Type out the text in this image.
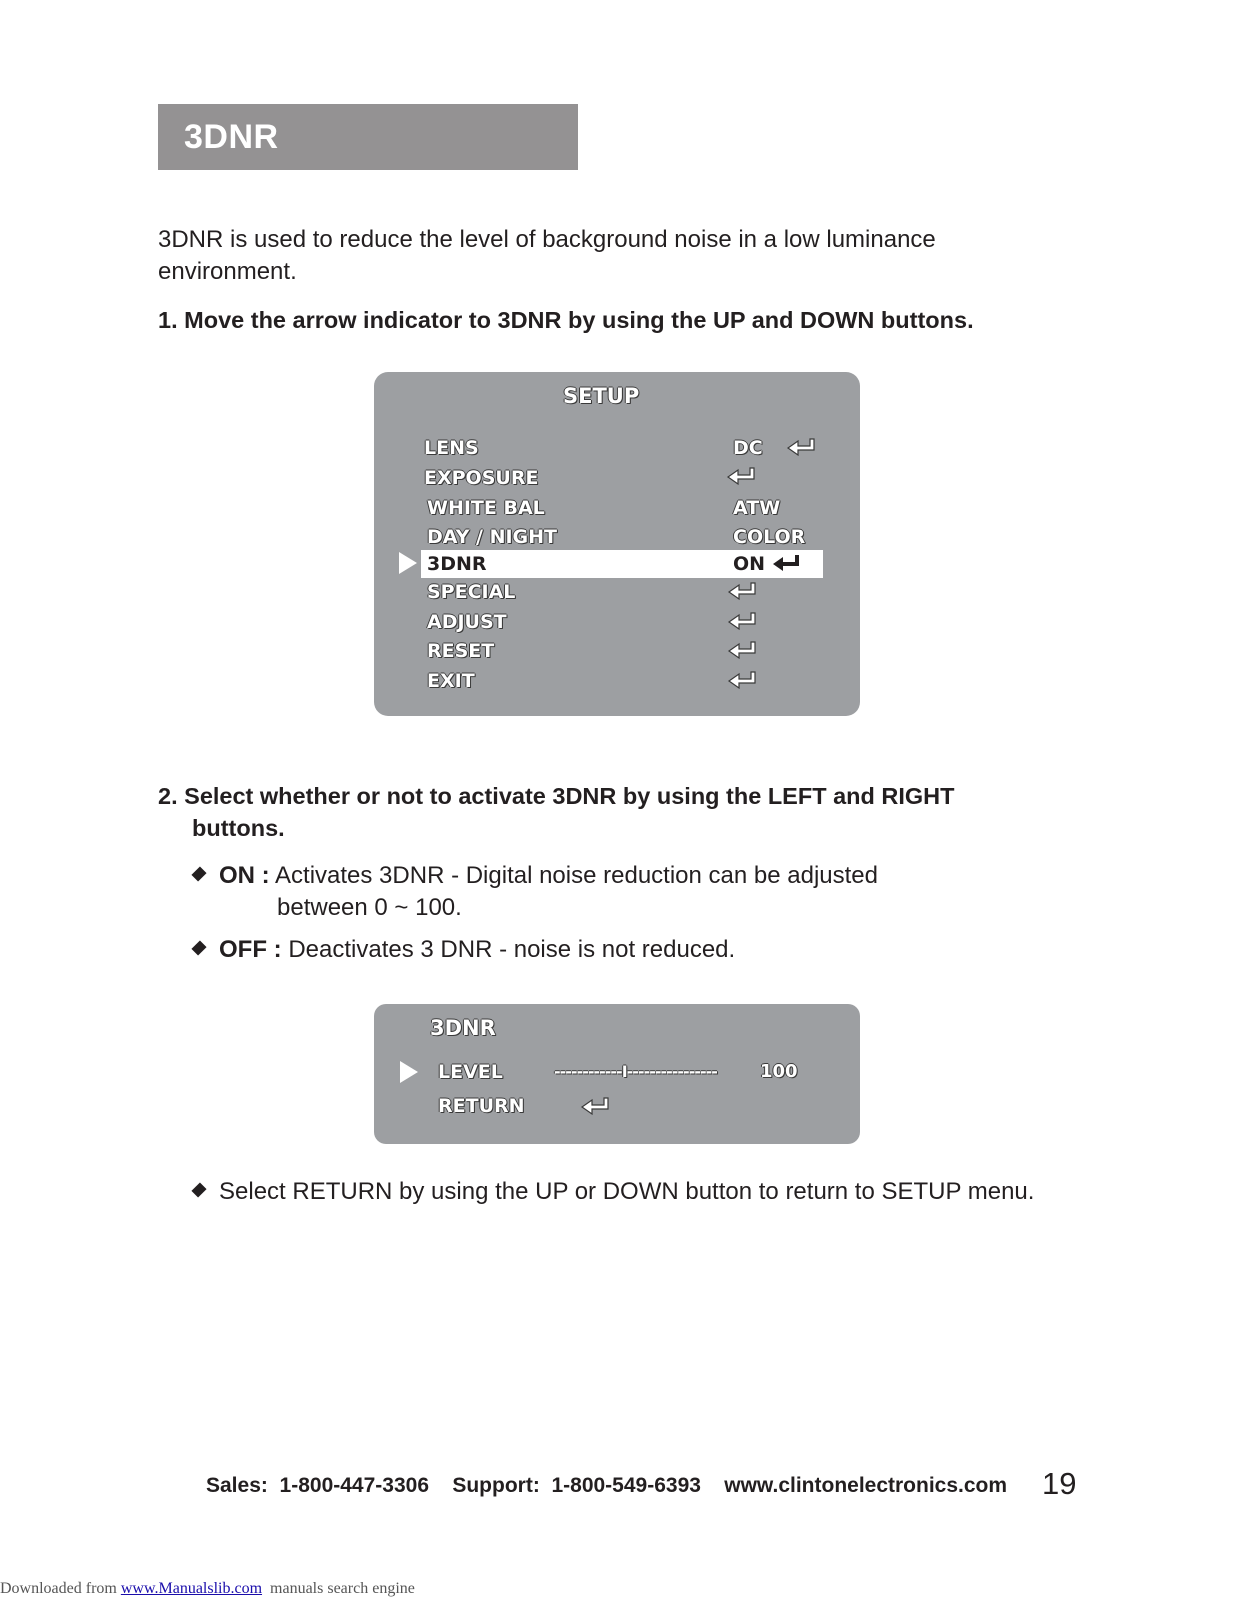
3DNR
3DNR is used to reduce the level of background noise in a low luminance
environment.
1. Move the arrow indicator to 3DNR by using the UP and DOWN buttons.
SETUP
LENS	DC
EXPOSURE
WHITE BAL	ATW
DAY / NIGHT	COLOR
3DNR	ON
SPECIAL
ADJUST
RESET
EXIT
2. Select whether or not to activate 3DNR by using the LEFT and RIGHT
buttons.
ON : Activates 3DNR - Digital noise reduction can be adjusted
between 0 ~ 100.
OFF : Deactivates 3 DNR - noise is not reduced.
3DNR
LEVEL	------------I---------------- 100
RETURN
Select RETURN by using the UP or DOWN button to return to SETUP menu.
Sales:  1-800-447-3306    Support:  1-800-549-6393    www.clintonelectronics.com 19
Downloaded from www.Manualslib.com  manuals search engine
